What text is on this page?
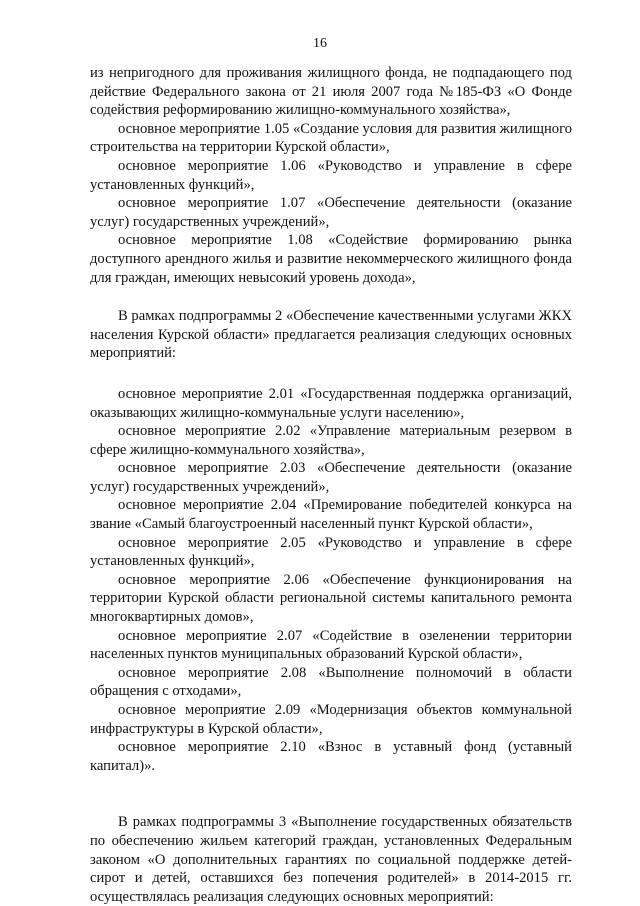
16

из непригодного для проживания жилищного фонда, не подпадающего под действие Федерального закона от 21 июля 2007 года №185-ФЗ «О Фонде содействия реформированию жилищно-коммунального хозяйства»,

основное мероприятие 1.05 «Создание условия для развития жилищного строительства на территории Курской области»,

основное мероприятие 1.06 «Руководство и управление в сфере установленных функций»,

основное мероприятие 1.07 «Обеспечение деятельности (оказание услуг) государственных учреждений»,

основное мероприятие 1.08 «Содействие формированию рынка доступного арендного жилья и развитие некоммерческого жилищного фонда для граждан, имеющих невысокий уровень дохода»,

В рамках подпрограммы 2 «Обеспечение качественными услугами ЖКХ населения Курской области» предлагается реализация следующих основных мероприятий:

основное мероприятие 2.01 «Государственная поддержка организаций, оказывающих жилищно-коммунальные услуги населению»,

основное мероприятие 2.02 «Управление материальным резервом в сфере жилищно-коммунального хозяйства»,

основное мероприятие 2.03 «Обеспечение деятельности (оказание услуг) государственных учреждений»,

основное мероприятие 2.04 «Премирование победителей конкурса на звание «Самый благоустроенный населенный пункт Курской области»,

основное мероприятие 2.05 «Руководство и управление в сфере установленных функций»,

основное мероприятие 2.06 «Обеспечение функционирования на территории Курской области региональной системы капитального ремонта многоквартирных домов»,

основное мероприятие 2.07 «Содействие в озеленении территории населенных пунктов муниципальных образований Курской области»,

основное мероприятие 2.08 «Выполнение полномочий в области обращения с отходами»,

основное мероприятие 2.09 «Модернизация объектов коммунальной инфраструктуры в Курской области»,

основное мероприятие 2.10 «Взнос в уставный фонд (уставный капитал)».

В рамках подпрограммы 3 «Выполнение государственных обязательств по обеспечению жильем категорий граждан, установленных Федеральным законом «О дополнительных гарантиях по социальной поддержке детей-сирот и детей, оставшихся без попечения родителей» в 2014-2015 гг. осуществлялась реализация следующих основных мероприятий:
